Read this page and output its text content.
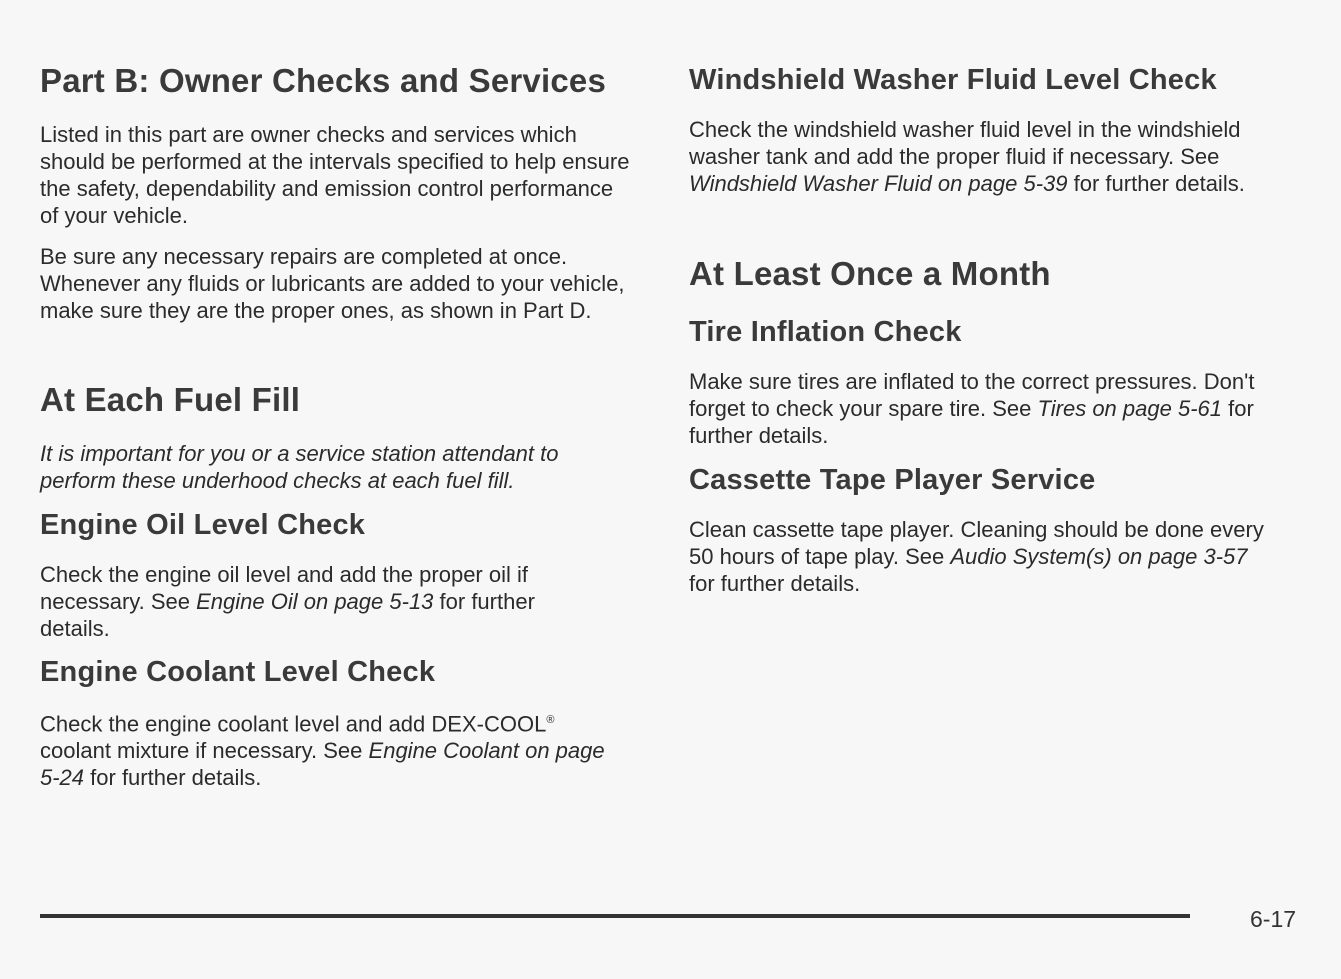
Part B: Owner Checks and Services

Listed in this part are owner checks and services which should be performed at the intervals specified to help ensure the safety, dependability and emission control performance of your vehicle.

Be sure any necessary repairs are completed at once. Whenever any fluids or lubricants are added to your vehicle, make sure they are the proper ones, as shown in Part D.

At Each Fuel Fill

It is important for you or a service station attendant to perform these underhood checks at each fuel fill.

Engine Oil Level Check

Check the engine oil level and add the proper oil if necessary. See Engine Oil on page 5-13 for further details.

Engine Coolant Level Check

Check the engine coolant level and add DEX-COOL® coolant mixture if necessary. See Engine Coolant on page 5-24 for further details.

Windshield Washer Fluid Level Check

Check the windshield washer fluid level in the windshield washer tank and add the proper fluid if necessary. See Windshield Washer Fluid on page 5-39 for further details.

At Least Once a Month
Tire Inflation Check

Make sure tires are inflated to the correct pressures. Don't forget to check your spare tire. See Tires on page 5-61 for further details.

Cassette Tape Player Service

Clean cassette tape player. Cleaning should be done every 50 hours of tape play. See Audio System(s) on page 3-57 for further details.

6-17
